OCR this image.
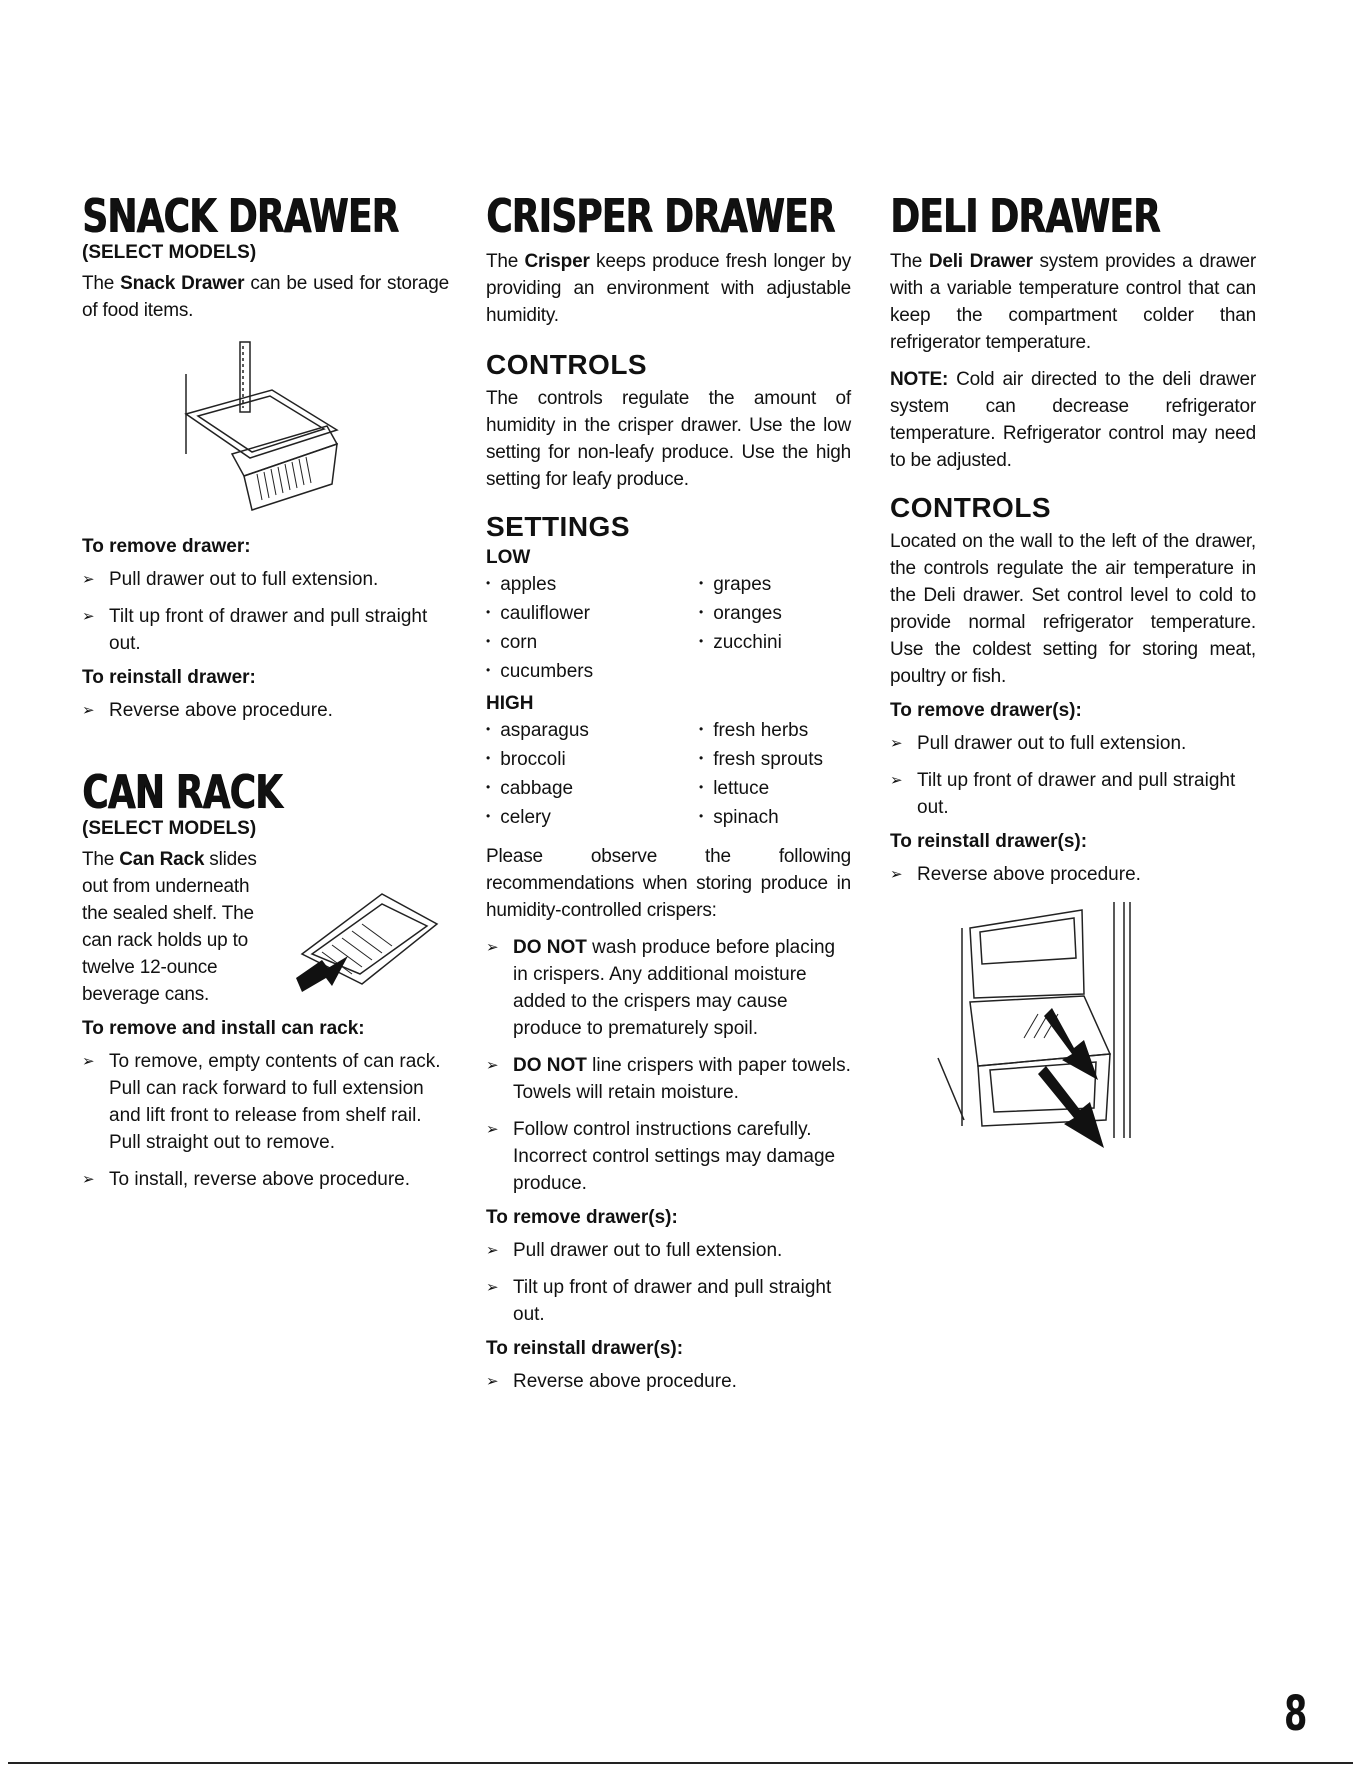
SNACK DRAWER
(SELECT MODELS)

The Snack Drawer can be used for storage of food items.

To remove drawer:
➢ Pull drawer out to full extension.
➢ Tilt up front of drawer and pull straight out.
To reinstall drawer:
➢ Reverse above procedure.
CAN RACK
(SELECT MODELS)

The Can Rack slides out from underneath the sealed shelf. The can rack holds up to twelve 12-ounce beverage cans.

To remove and install can rack:
➢ To remove, empty contents of can rack. Pull can rack forward to full extension and lift front to release from shelf rail. Pull straight out to remove.
➢ To install, reverse above procedure.
CRISPER DRAWER

The Crisper keeps produce fresh longer by providing an environment with adjustable humidity.

CONTROLS

The controls regulate the amount of humidity in the crisper drawer. Use the low setting for non-leafy produce. Use the high setting for leafy produce.

SETTINGS
LOW
• apples	• grapes
• cauliflower	• oranges
• corn	• zucchini
• cucumbers
HIGH
• asparagus	• fresh herbs
• broccoli	• fresh sprouts
• cabbage	• lettuce
• celery	• spinach

Please observe the following recommendations when storing produce in humidity-controlled crispers:

➢ DO NOT wash produce before placing in crispers. Any additional moisture added to the crispers may cause produce to prematurely spoil.
➢ DO NOT line crispers with paper towels. Towels will retain moisture.
➢ Follow control instructions carefully. Incorrect control settings may damage produce.
To remove drawer(s):
➢ Pull drawer out to full extension.
➢ Tilt up front of drawer and pull straight out.
To reinstall drawer(s):
➢ Reverse above procedure.
DELI DRAWER

The Deli Drawer system provides a drawer with a variable temperature control that can keep the compartment colder than refrigerator temperature.

NOTE: Cold air directed to the deli drawer system can decrease refrigerator temperature. Refrigerator control may need to be adjusted.

CONTROLS

Located on the wall to the left of the drawer, the controls regulate the air temperature in the Deli drawer. Set control level to cold to provide normal refrigerator temperature. Use the coldest setting for storing meat, poultry or fish.

To remove drawer(s):
➢ Pull drawer out to full extension.
➢ Tilt up front of drawer and pull straight out.
To reinstall drawer(s):
➢ Reverse above procedure.
8
